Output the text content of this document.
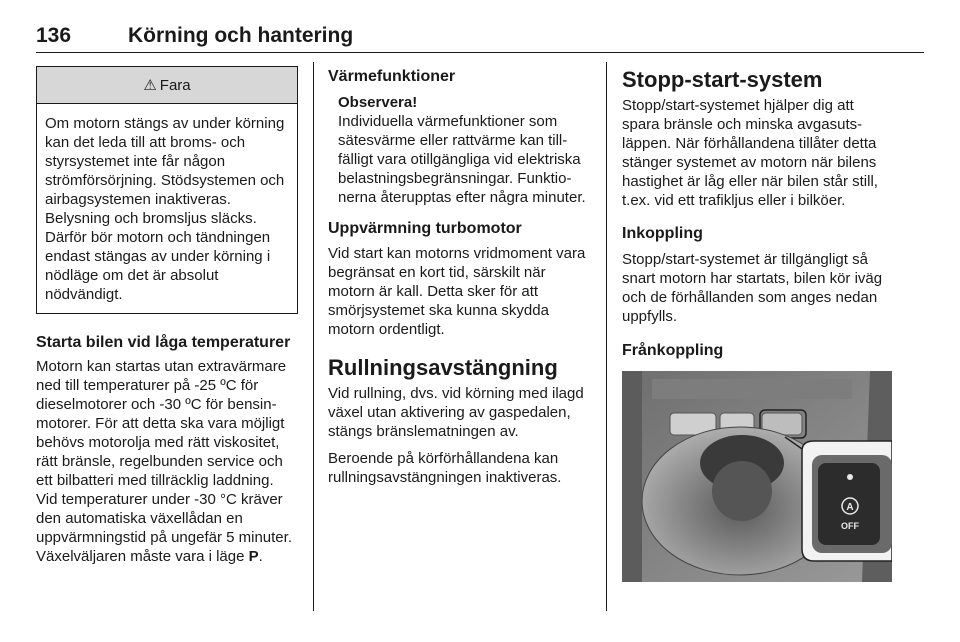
136	Körning och hantering
⚠ Fara
Om motorn stängs av under körning kan det leda till att broms- och styrsystemet inte får någon strömförsörjning. Stödsystemen och airbagsystemen inaktiveras. Belysning och bromsljus släcks. Därför bör motorn och tändningen endast stängas av under körning i nödläge om det är absolut nödvändigt.
Starta bilen vid låga temperaturer

Motorn kan startas utan extravärmare ned till temperaturer på -25 ºC för dieselmotorer och -30 ºC för bensinmotorer. För att detta ska vara möjligt behövs motorolja med rätt viskositet, rätt bränsle, regelbunden service och ett bilbatteri med tillräcklig laddning. Vid temperaturer under -30 °C kräver den automatiska växellådan en uppvärmningstid på ungefär 5 minuter. Växelväljaren måste vara i läge P.

Värmefunktioner

Observera!

Individuella värmefunktioner som sätesvärme eller rattvärme kan tillfälligt vara otillgängliga vid elektriska belastningsbegränsningar. Funktionerna återupptas efter några minuter.

Uppvärmning turbomotor

Vid start kan motorns vridmoment vara begränsat en kort tid, särskilt när motorn är kall. Detta sker för att smörjsystemet ska kunna skydda motorn ordentligt.

Rullningsavstängning

Vid rullning, dvs. vid körning med ilagd växel utan aktivering av gaspedalen, stängs bränslematningen av.

Beroende på körförhållandena kan rullningsavstängningen inaktiveras.

Stopp-start-system

Stopp/start-systemet hjälper dig att spara bränsle och minska avgasutsläppen. När förhållandena tillåter detta stänger systemet av motorn när bilens hastighet är låg eller när bilen står still, t.ex. vid ett trafikljus eller i bilköer.

Inkoppling

Stopp/start-systemet är tillgängligt så snart motorn har startats, bilen kör iväg och de förhållanden som anges nedan uppfylls.

Frånkoppling
A
OFF
